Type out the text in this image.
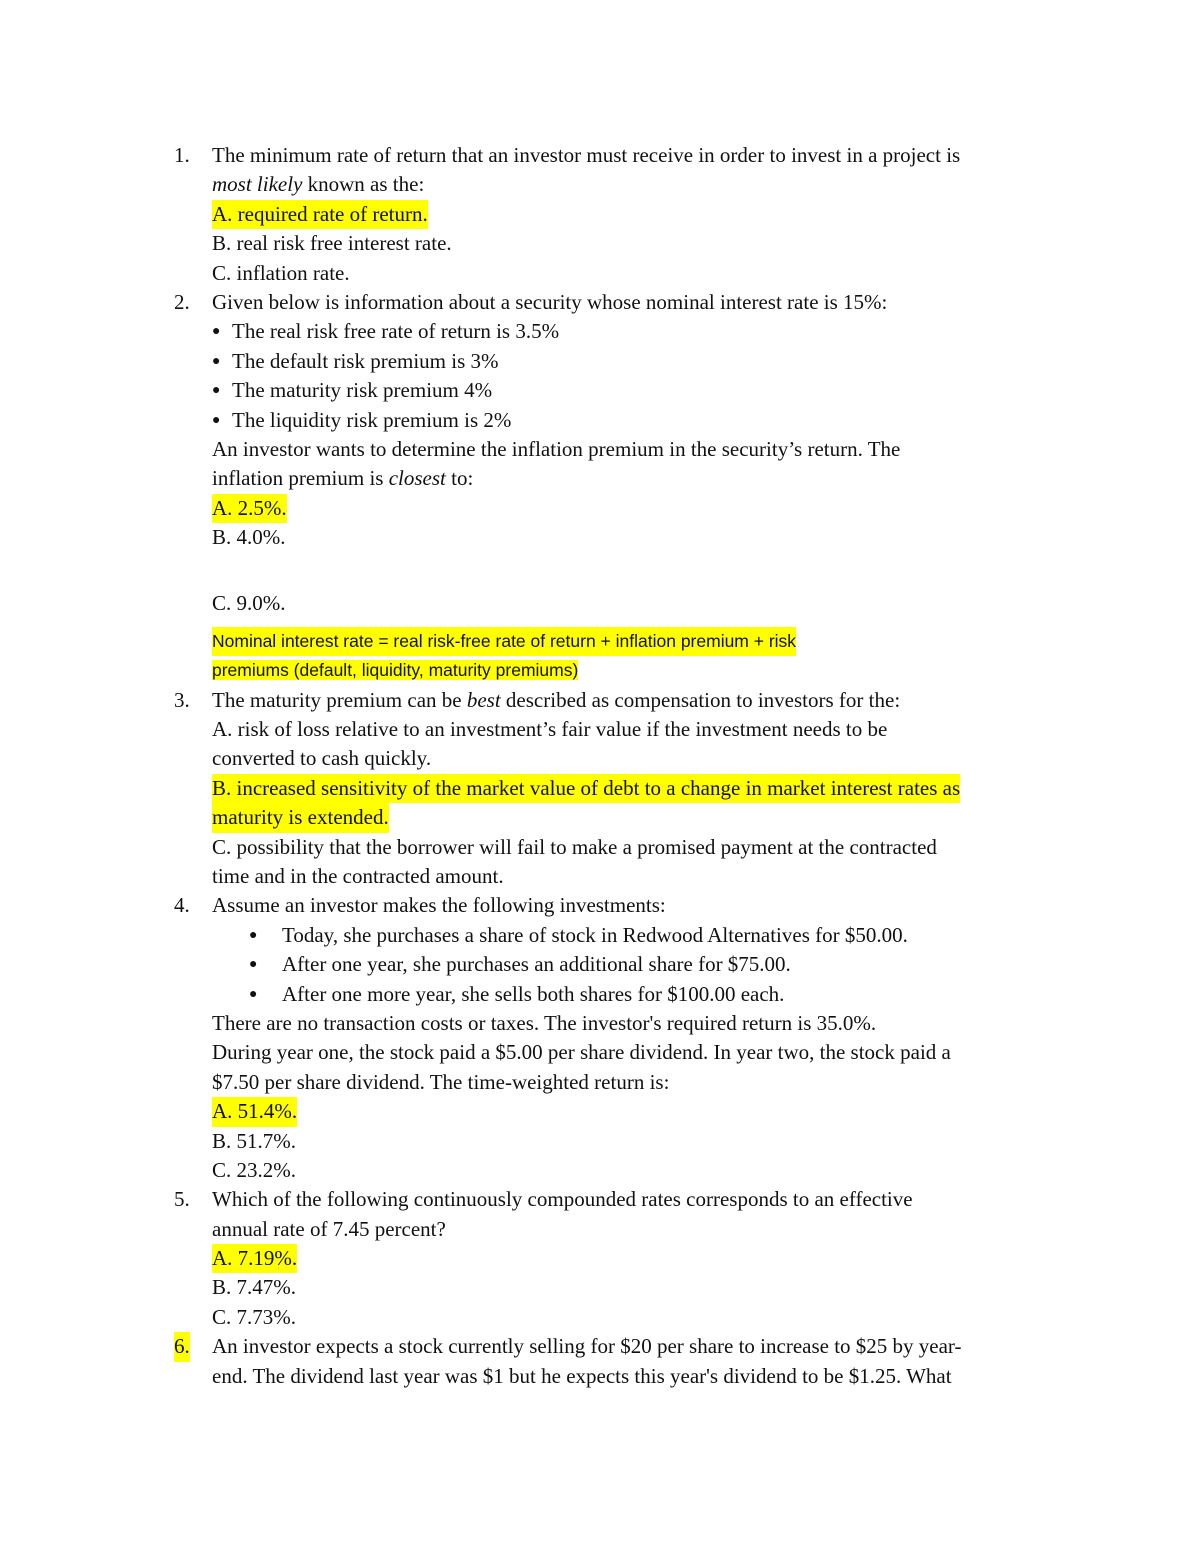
1. The minimum rate of return that an investor must receive in order to invest in a project is
most likely known as the:
A. required rate of return.
B. real risk free interest rate.
C. inflation rate.
2. Given below is information about a security whose nominal interest rate is 15%:
● The real risk free rate of return is 3.5%
● The default risk premium is 3%
● The maturity risk premium 4%
● The liquidity risk premium is 2%
An investor wants to determine the inflation premium in the security’s return. The
inflation premium is closest to:
A. 2.5%.
B. 4.0%.
C. 9.0%.
Nominal interest rate = real risk-free rate of return + inflation premium + risk
premiums (default, liquidity, maturity premiums)
3. The maturity premium can be best described as compensation to investors for the:
A. risk of loss relative to an investment’s fair value if the investment needs to be
converted to cash quickly.
B. increased sensitivity of the market value of debt to a change in market interest rates as
maturity is extended.
C. possibility that the borrower will fail to make a promised payment at the contracted
time and in the contracted amount.
4. Assume an investor makes the following investments:
● Today, she purchases a share of stock in Redwood Alternatives for $50.00.
● After one year, she purchases an additional share for $75.00.
● After one more year, she sells both shares for $100.00 each.
There are no transaction costs or taxes. The investor's required return is 35.0%.
During year one, the stock paid a $5.00 per share dividend. In year two, the stock paid a
$7.50 per share dividend. The time-weighted return is:
A. 51.4%.
B. 51.7%.
C. 23.2%.
5. Which of the following continuously compounded rates corresponds to an effective
annual rate of 7.45 percent?
A. 7.19%.
B. 7.47%.
C. 7.73%.
6. An investor expects a stock currently selling for $20 per share to increase to $25 by year-
end. The dividend last year was $1 but he expects this year's dividend to be $1.25. What
